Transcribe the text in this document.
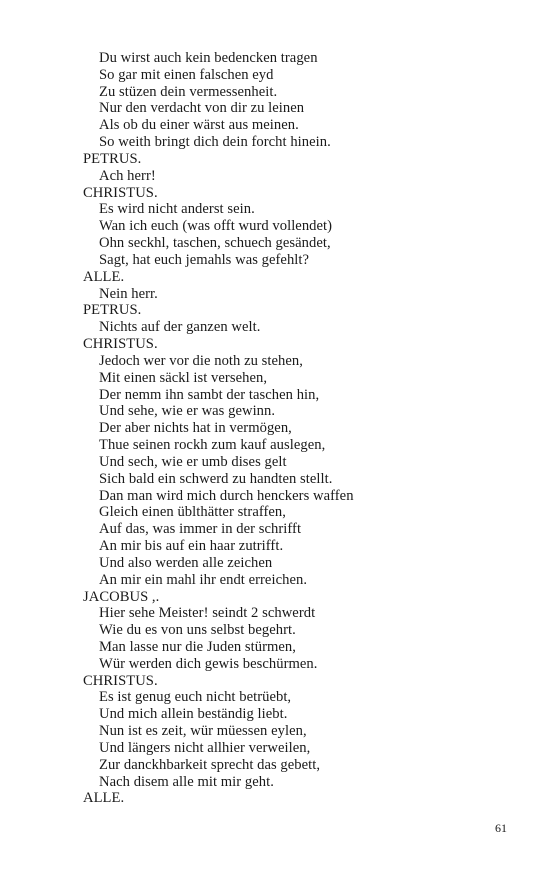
Du wirst auch kein bedencken tragen
So gar mit einen falschen eyd
Zu stüzen dein vermessenheit.
Nur den verdacht von dir zu leinen
Als ob du einer wärst aus meinen.
So weith bringt dich dein forcht hinein.
PETRUS.
Ach herr!
CHRISTUS.
Es wird nicht anderst sein.
Wan ich euch (was offt wurd vollendet)
Ohn seckhl, taschen, schuech gesändet,
Sagt, hat euch jemahls was gefehlt?
ALLE.
Nein herr.
PETRUS.
Nichts auf der ganzen welt.
CHRISTUS.
Jedoch wer vor die noth zu stehen,
Mit einen säckl ist versehen,
Der nemm ihn sambt der taschen hin,
Und sehe, wie er was gewinn.
Der aber nichts hat in vermögen,
Thue seinen rockh zum kauf auslegen,
Und sech, wie er umb dises gelt
Sich bald ein schwerd zu handten stellt.
Dan man wird mich durch henckers waffen
Gleich einen üblthätter straffen,
Auf das, was immer in der schrifft
An mir bis auf ein haar zutrifft.
Und also werden alle zeichen
An mir ein mahl ihr endt erreichen.
JACOBUS ,.
Hier sehe Meister! seindt 2 schwerdt
Wie du es von uns selbst begehrt.
Man lasse nur die Juden stürmen,
Wür werden dich gewis beschürmen.
CHRISTUS.
Es ist genug euch nicht betrüebt,
Und mich allein beständig liebt.
Nun ist es zeit, wür müessen eylen,
Und längers nicht allhier verweilen,
Zur danckhbarkeit sprecht das gebett,
Nach disem alle mit mir geht.
ALLE.
61
